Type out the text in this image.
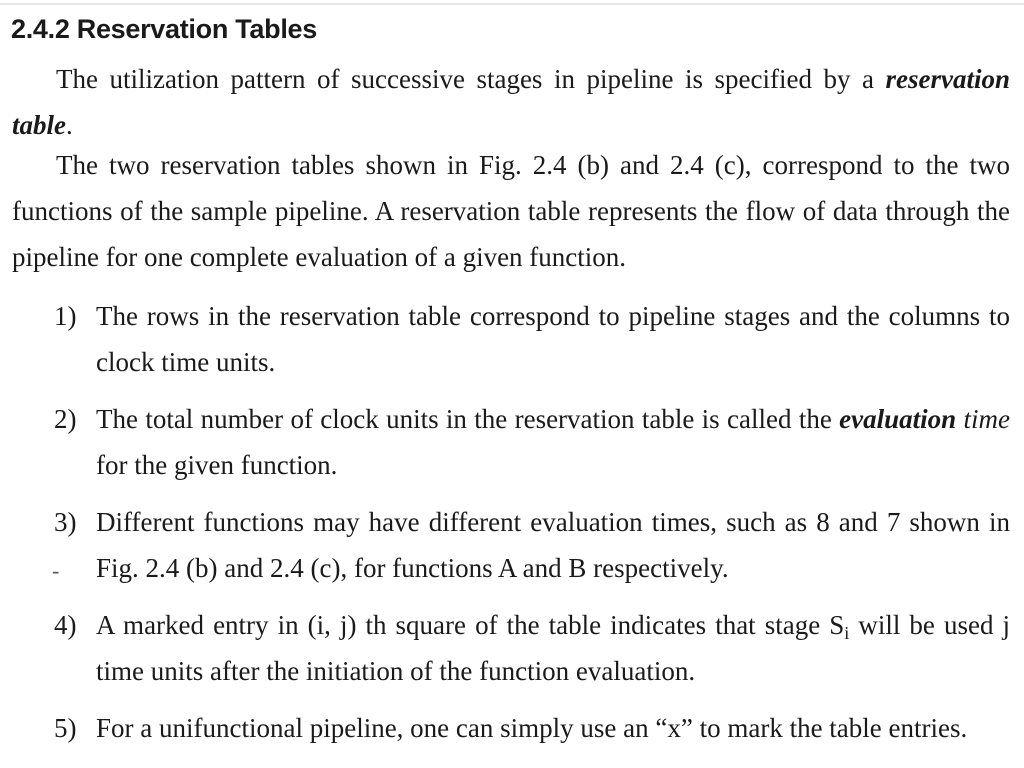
2.4.2 Reservation Tables

The utilization pattern of successive stages in pipeline is specified by a reservation table.

The two reservation tables shown in Fig. 2.4 (b) and 2.4 (c), correspond to the two functions of the sample pipeline. A reservation table represents the flow of data through the pipeline for one complete evaluation of a given function.

1) The rows in the reservation table correspond to pipeline stages and the columns to clock time units.
2) The total number of clock units in the reservation table is called the evaluation time for the given function.
3) Different functions may have different evaluation times, such as 8 and 7 shown in Fig. 2.4 (b) and 2.4 (c), for functions A and B respectively.
-
4) A marked entry in (i, j) th square of the table indicates that stage $S_i$ will be used j time units after the initiation of the function evaluation.
5) For a unifunctional pipeline, one can simply use an “x” to mark the table entries.
